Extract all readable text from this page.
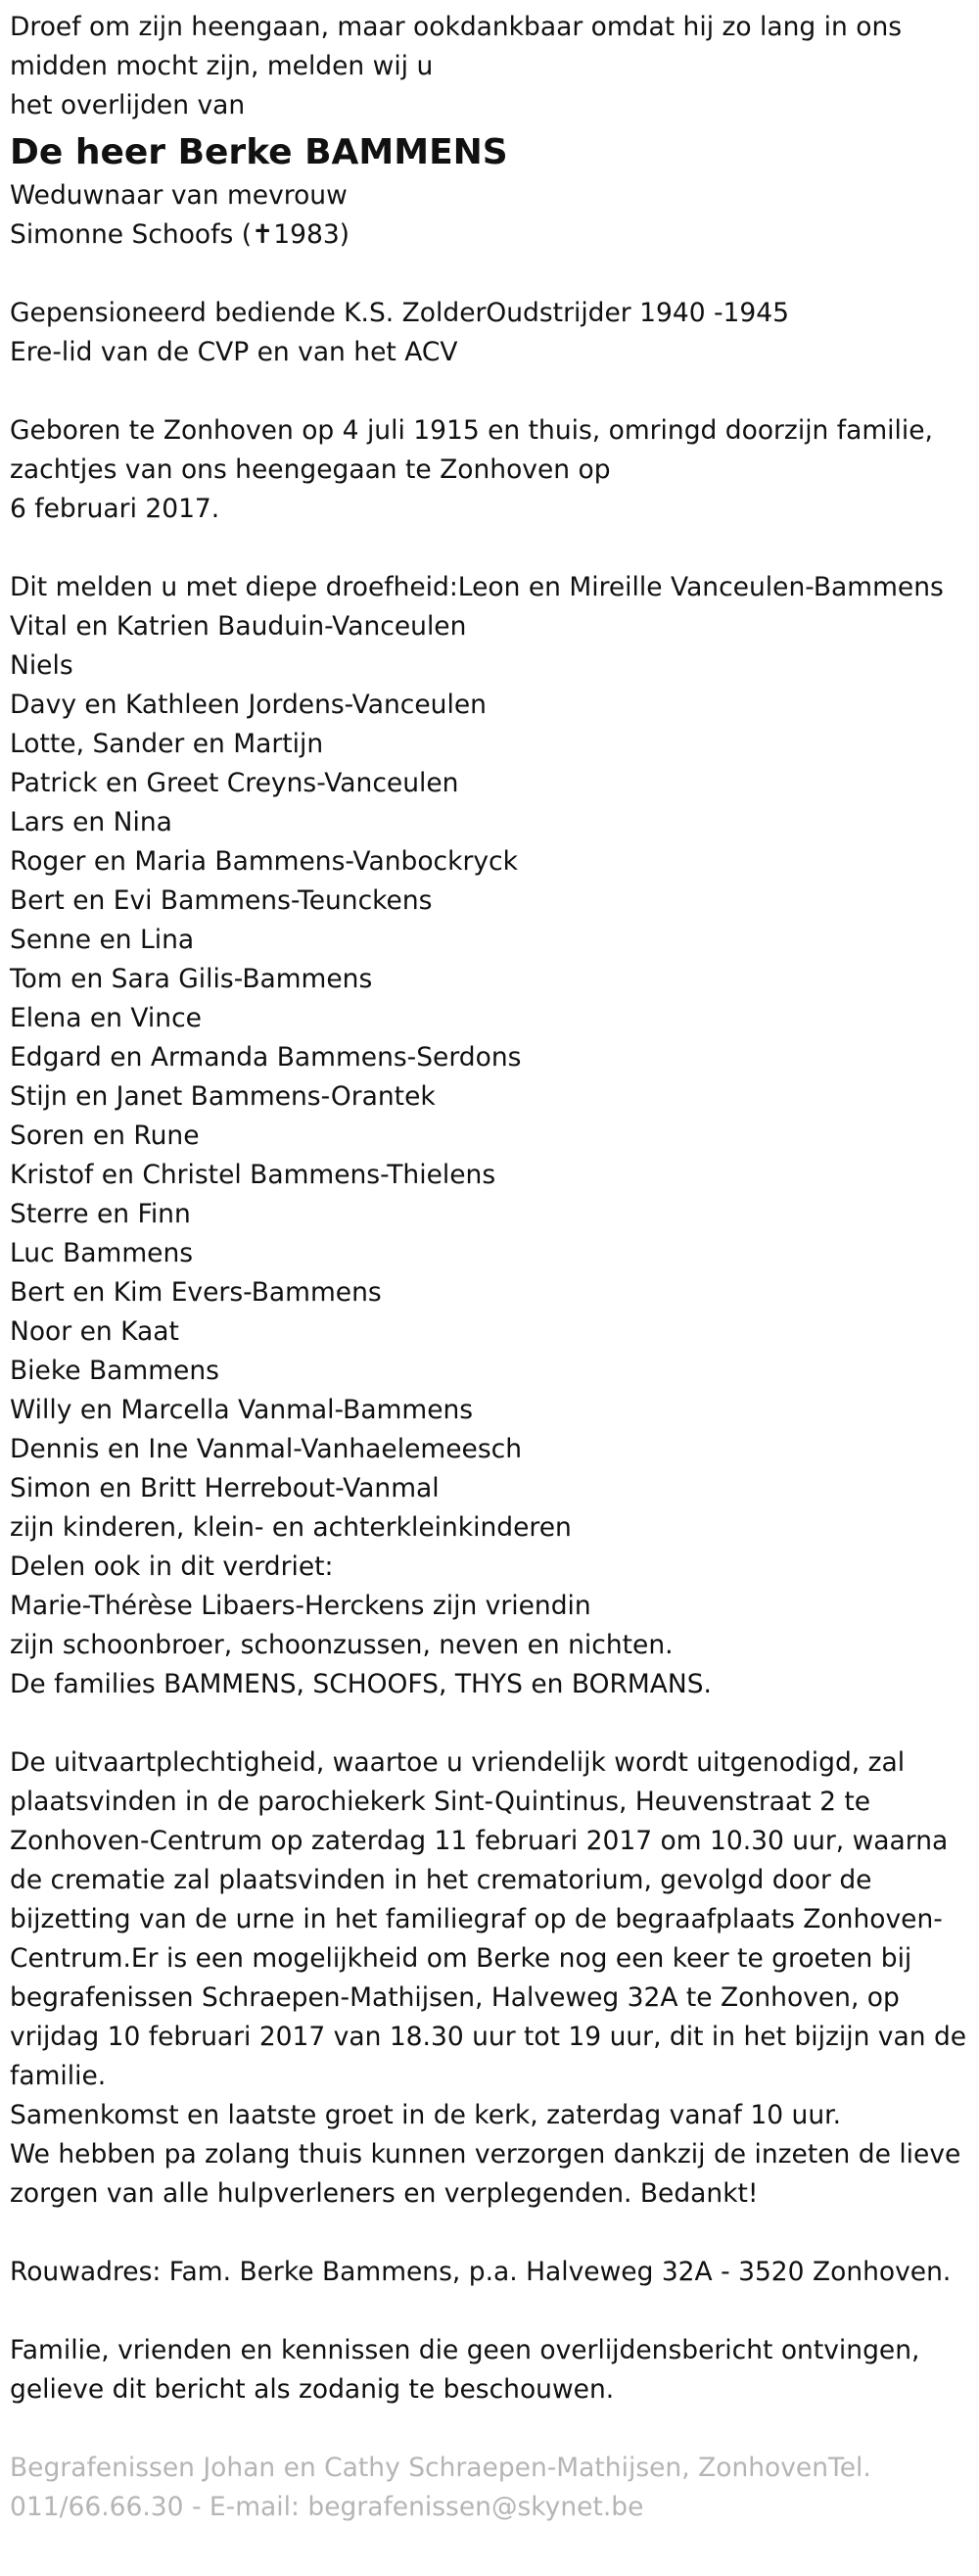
Droef om zijn heengaan, maar ookdankbaar omdat hij zo lang in ons
midden mocht zijn, melden wij u
het overlijden van
De heer Berke BAMMENS
Weduwnaar van mevrouw
Simonne Schoofs (✝1983)
Gepensioneerd bediende K.S. ZolderOudstrijder 1940 -1945
Ere-lid van de CVP en van het ACV
Geboren te Zonhoven op 4 juli 1915 en thuis, omringd doorzijn familie,
zachtjes van ons heengegaan te Zonhoven op
6 februari 2017.
Dit melden u met diepe droefheid:Leon en Mireille Vanceulen-Bammens
Vital en Katrien Bauduin-Vanceulen
Niels
Davy en Kathleen Jordens-Vanceulen
Lotte, Sander en Martijn
Patrick en Greet Creyns-Vanceulen
Lars en Nina
Roger en Maria Bammens-Vanbockryck
Bert en Evi Bammens-Teunckens
Senne en Lina
Tom en Sara Gilis-Bammens
Elena en Vince
Edgard en Armanda Bammens-Serdons
Stijn en Janet Bammens-Orantek
Soren en Rune
Kristof en Christel Bammens-Thielens
Sterre en Finn
Luc Bammens
Bert en Kim Evers-Bammens
Noor en Kaat
Bieke Bammens
Willy en Marcella Vanmal-Bammens
Dennis en Ine Vanmal-Vanhaelemeesch
Simon en Britt Herrebout-Vanmal
zijn kinderen, klein- en achterkleinkinderen
Delen ook in dit verdriet:
Marie-Thérèse Libaers-Herckens zijn vriendin
zijn schoonbroer, schoonzussen, neven en nichten.
De families BAMMENS, SCHOOFS, THYS en BORMANS.
De uitvaartplechtigheid, waartoe u vriendelijk wordt uitgenodigd, zal
plaatsvinden in de parochiekerk Sint-Quintinus, Heuvenstraat 2 te
Zonhoven-Centrum op zaterdag 11 februari 2017 om 10.30 uur, waarna
de crematie zal plaatsvinden in het crematorium, gevolgd door de
bijzetting van de urne in het familiegraf op de begraafplaats Zonhoven-
Centrum.Er is een mogelijkheid om Berke nog een keer te groeten bij
begrafenissen Schraepen-Mathijsen, Halveweg 32A te Zonhoven, op
vrijdag 10 februari 2017 van 18.30 uur tot 19 uur, dit in het bijzijn van de
familie.
Samenkomst en laatste groet in de kerk, zaterdag vanaf 10 uur.
We hebben pa zolang thuis kunnen verzorgen dankzij de inzeten de lieve
zorgen van alle hulpverleners en verplegenden. Bedankt!
Rouwadres: Fam. Berke Bammens, p.a. Halveweg 32A - 3520 Zonhoven.
Familie, vrienden en kennissen die geen overlijdensbericht ontvingen,
gelieve dit bericht als zodanig te beschouwen.
Begrafenissen Johan en Cathy Schraepen-Mathijsen, ZonhovenTel.
011/66.66.30 - E-mail: begrafenissen@skynet.be
